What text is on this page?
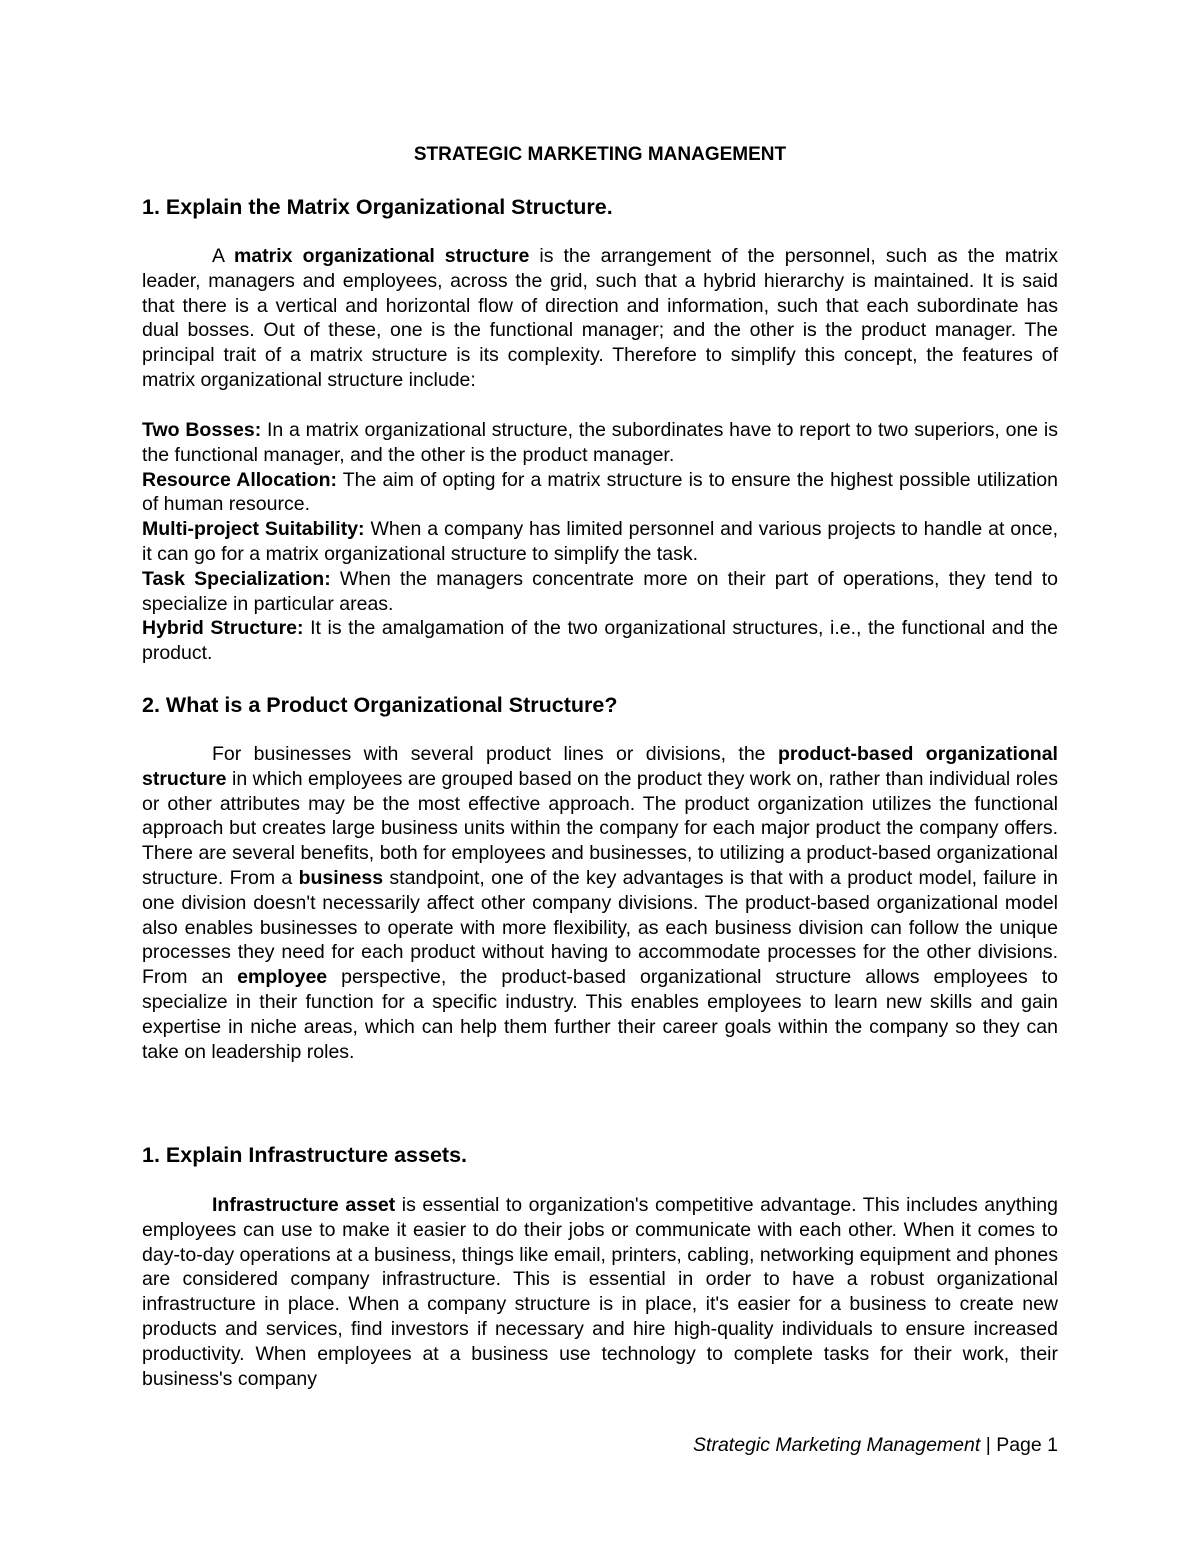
STRATEGIC MARKETING MANAGEMENT
1. Explain the Matrix Organizational Structure.

A matrix organizational structure is the arrangement of the personnel, such as the matrix leader, managers and employees, across the grid, such that a hybrid hierarchy is maintained. It is said that there is a vertical and horizontal flow of direction and information, such that each subordinate has dual bosses. Out of these, one is the functional manager; and the other is the product manager. The principal trait of a matrix structure is its complexity. Therefore to simplify this concept, the features of matrix organizational structure include:

Two Bosses: In a matrix organizational structure, the subordinates have to report to two superiors, one is the functional manager, and the other is the product manager.

Resource Allocation: The aim of opting for a matrix structure is to ensure the highest possible utilization of human resource.

Multi-project Suitability: When a company has limited personnel and various projects to handle at once, it can go for a matrix organizational structure to simplify the task.

Task Specialization: When the managers concentrate more on their part of operations, they tend to specialize in particular areas.

Hybrid Structure: It is the amalgamation of the two organizational structures, i.e., the functional and the product.

2. What is a Product Organizational Structure?

For businesses with several product lines or divisions, the product-based organizational structure in which employees are grouped based on the product they work on, rather than individual roles or other attributes may be the most effective approach. The product organization utilizes the functional approach but creates large business units within the company for each major product the company offers. There are several benefits, both for employees and businesses, to utilizing a product-based organizational structure. From a business standpoint, one of the key advantages is that with a product model, failure in one division doesn't necessarily affect other company divisions. The product-based organizational model also enables businesses to operate with more flexibility, as each business division can follow the unique processes they need for each product without having to accommodate processes for the other divisions. From an employee perspective, the product-based organizational structure allows employees to specialize in their function for a specific industry. This enables employees to learn new skills and gain expertise in niche areas, which can help them further their career goals within the company so they can take on leadership roles.

1. Explain Infrastructure assets.

Infrastructure asset is essential to organization's competitive advantage. This includes anything employees can use to make it easier to do their jobs or communicate with each other. When it comes to day-to-day operations at a business, things like email, printers, cabling, networking equipment and phones are considered company infrastructure. This is essential in order to have a robust organizational infrastructure in place. When a company structure is in place, it's easier for a business to create new products and services, find investors if necessary and hire high-quality individuals to ensure increased productivity. When employees at a business use technology to complete tasks for their work, their business's company

Strategic Marketing Management | Page 1
